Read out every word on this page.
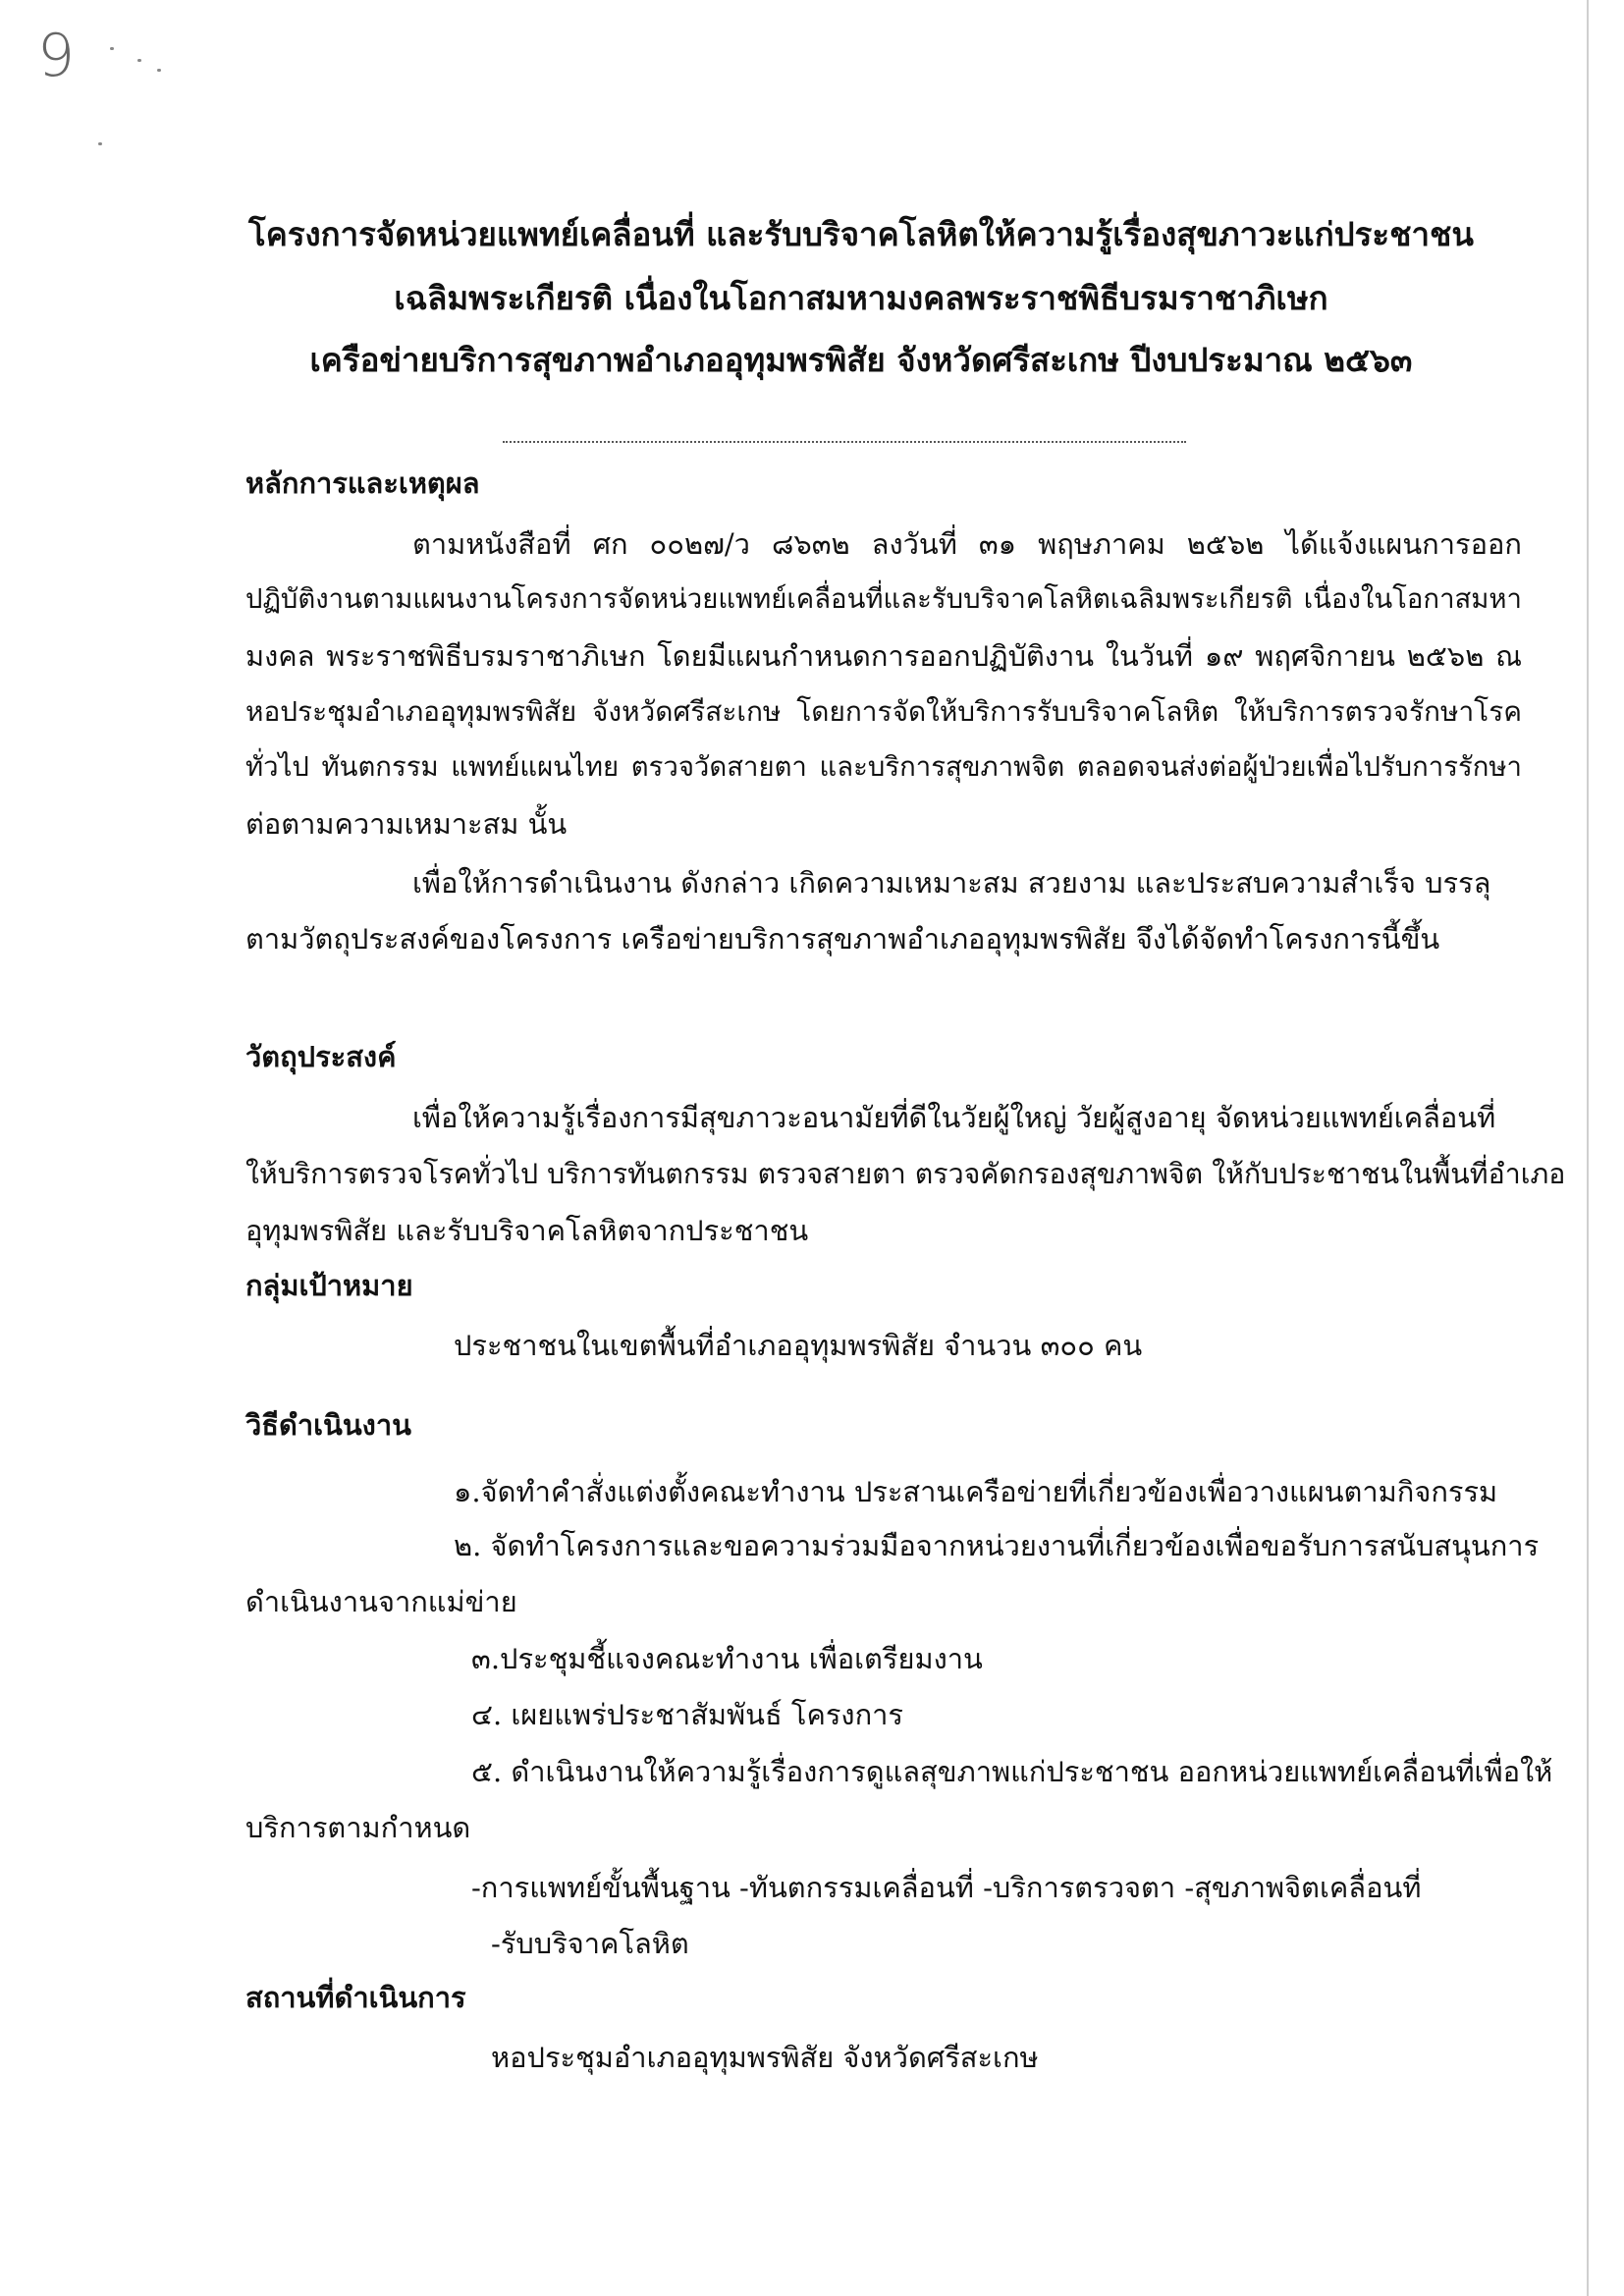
9
โครงการจัดหน่วยแพทย์เคลื่อนที่ และรับบริจาคโลหิตให้ความรู้เรื่องสุขภาวะแก่ประชาชน
เฉลิมพระเกียรติ เนื่องในโอกาสมหามงคลพระราชพิธีบรมราชาภิเษก
เครือข่ายบริการสุขภาพอำเภออุทุมพรพิสัย จังหวัดศรีสะเกษ ปีงบประมาณ ๒๕๖๓
หลักการและเหตุผล
ตามหนังสือที่ ศก ๐๐๒๗/ว ๘๖๓๒ ลงวันที่ ๓๑ พฤษภาคม ๒๕๖๒ ได้แจ้งแผนการออก
ปฏิบัติงานตามแผนงานโครงการจัดหน่วยแพทย์เคลื่อนที่และรับบริจาคโลหิตเฉลิมพระเกียรติ เนื่องในโอกาสมหา
มงคล พระราชพิธีบรมราชาภิเษก โดยมีแผนกำหนดการออกปฏิบัติงาน ในวันที่ ๑๙ พฤศจิกายน ๒๕๖๒ ณ
หอประชุมอำเภออุทุมพรพิสัย จังหวัดศรีสะเกษ โดยการจัดให้บริการรับบริจาคโลหิต ให้บริการตรวจรักษาโรค
ทั่วไป ทันตกรรม แพทย์แผนไทย ตรวจวัดสายตา และบริการสุขภาพจิต ตลอดจนส่งต่อผู้ป่วยเพื่อไปรับการรักษา
ต่อตามความเหมาะสม นั้น
เพื่อให้การดำเนินงาน ดังกล่าว เกิดความเหมาะสม สวยงาม และประสบความสำเร็จ บรรลุ
ตามวัตถุประสงค์ของโครงการ เครือข่ายบริการสุขภาพอำเภออุทุมพรพิสัย จึงได้จัดทำโครงการนี้ขึ้น
วัตถุประสงค์
เพื่อให้ความรู้เรื่องการมีสุขภาวะอนามัยที่ดีในวัยผู้ใหญ่ วัยผู้สูงอายุ จัดหน่วยแพทย์เคลื่อนที่
ให้บริการตรวจโรคทั่วไป บริการทันตกรรม ตรวจสายตา ตรวจคัดกรองสุขภาพจิต ให้กับประชาชนในพื้นที่อำเภอ
อุทุมพรพิสัย และรับบริจาคโลหิตจากประชาชน
กลุ่มเป้าหมาย
ประชาชนในเขตพื้นที่อำเภออุทุมพรพิสัย จำนวน ๓๐๐ คน
วิธีดำเนินงาน
๑.จัดทำคำสั่งแต่งตั้งคณะทำงาน ประสานเครือข่ายที่เกี่ยวข้องเพื่อวางแผนตามกิจกรรม
๒. จัดทำโครงการและขอความร่วมมือจากหน่วยงานที่เกี่ยวข้องเพื่อขอรับการสนับสนุนการ
ดำเนินงานจากแม่ข่าย
๓.ประชุมชี้แจงคณะทำงาน เพื่อเตรียมงาน
๔. เผยแพร่ประชาสัมพันธ์ โครงการ
๕. ดำเนินงานให้ความรู้เรื่องการดูแลสุขภาพแก่ประชาชน ออกหน่วยแพทย์เคลื่อนที่เพื่อให้
บริการตามกำหนด
-การแพทย์ขั้นพื้นฐาน -ทันตกรรมเคลื่อนที่ -บริการตรวจตา -สุขภาพจิตเคลื่อนที่
-รับบริจาคโลหิต
สถานที่ดำเนินการ
หอประชุมอำเภออุทุมพรพิสัย จังหวัดศรีสะเกษ
